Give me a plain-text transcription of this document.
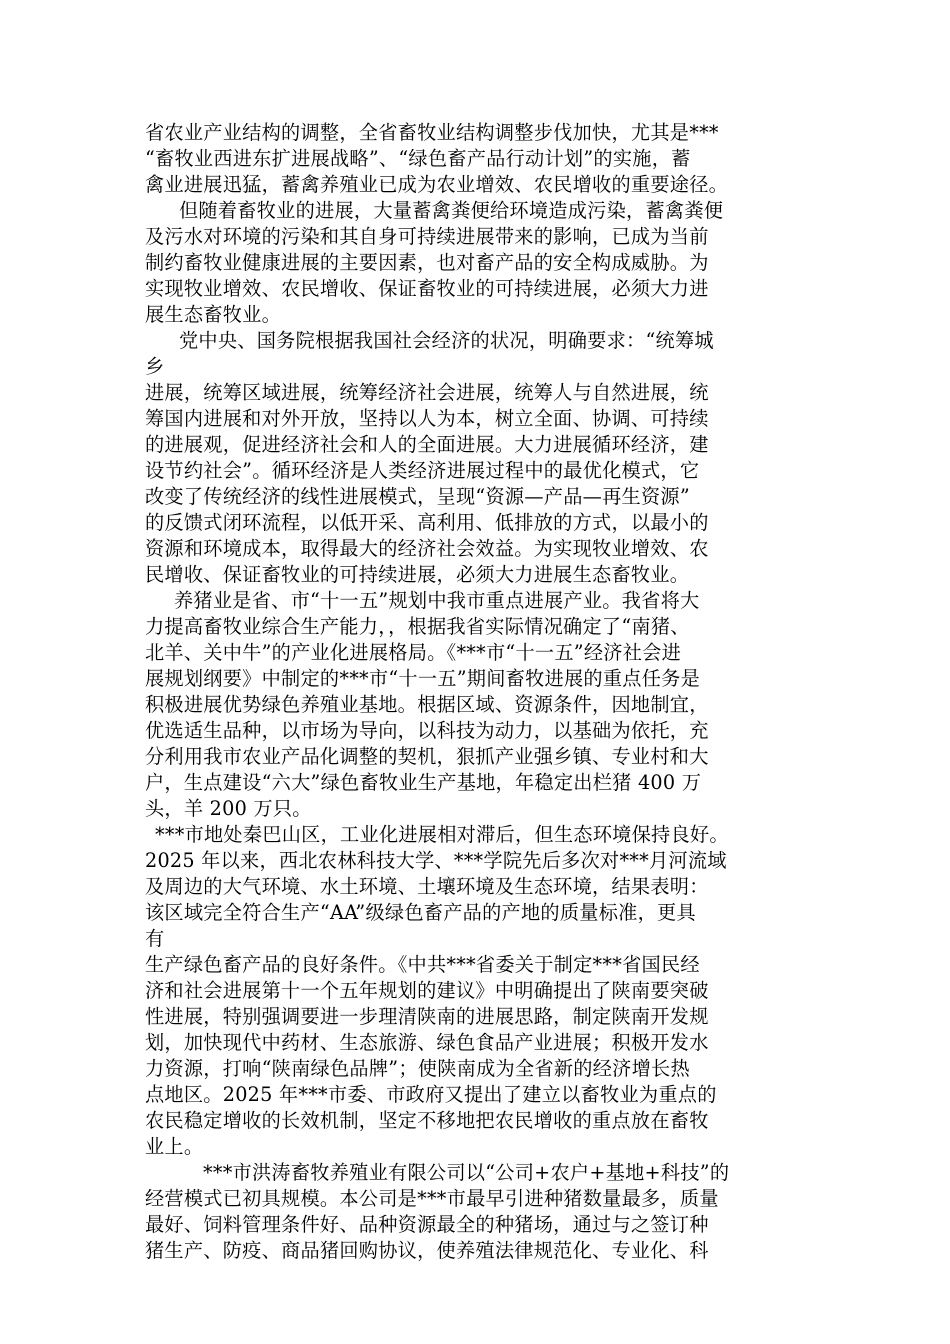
省农业产业结构的调整，全省畜牧业结构调整步伐加快，尤其是***
“畜牧业西进东扩进展战略”、“绿色畜产品行动计划”的实施，蓄
禽业进展迅猛，蓄禽养殖业已成为农业增效、农民增收的重要途径。
但随着畜牧业的进展，大量蓄禽粪便给环境造成污染，蓄禽粪便
及污水对环境的污染和其自身可持续进展带来的影响，已成为当前
制约畜牧业健康进展的主要因素，也对畜产品的安全构成威胁。为
实现牧业增效、农民增收、保证畜牧业的可持续进展，必须大力进
展生态畜牧业。
党中央、国务院根据我国社会经济的状况，明确要求：“统筹城
乡
进展，统筹区域进展，统筹经济社会进展，统筹人与自然进展，统
筹国内进展和对外开放，坚持以人为本，树立全面、协调、可持续
的进展观，促进经济社会和人的全面进展。大力进展循环经济，建
设节约社会”。循环经济是人类经济进展过程中的最优化模式，它
改变了传统经济的线性进展模式，呈现“资源—产品—再生资源”
的反馈式闭环流程，以低开采、高利用、低排放的方式，以最小的
资源和环境成本，取得最大的经济社会效益。为实现牧业增效、农
民增收、保证畜牧业的可持续进展，必须大力进展生态畜牧业。
养猪业是省、市“十一五”规划中我市重点进展产业。我省将大
力提高畜牧业综合生产能力，，根据我省实际情况确定了“南猪、
北羊、关中牛”的产业化进展格局。《***市“十一五”经济社会进
展规划纲要》中制定的***市“十一五”期间畜牧进展的重点任务是
积极进展优势绿色养殖业基地。根据区域、资源条件，因地制宜，
优选适生品种，以市场为导向，以科技为动力，以基础为依托，充
分利用我市农业产品化调整的契机，狠抓产业强乡镇、专业村和大
户，生点建设“六大”绿色畜牧业生产基地，年稳定出栏猪 400 万
头，羊 200 万只。
***市地处秦巴山区，工业化进展相对滞后，但生态环境保持良好。
2025 年以来，西北农林科技大学、***学院先后多次对***月河流域
及周边的大气环境、水土环境、土壤环境及生态环境，结果表明：
该区域完全符合生产“AA”级绿色畜产品的产地的质量标准，更具
有
生产绿色畜产品的良好条件。《中共***省委关于制定***省国民经
济和社会进展第十一个五年规划的建议》中明确提出了陕南要突破
性进展，特别强调要进一步理清陕南的进展思路，制定陕南开发规
划，加快现代中药材、生态旅游、绿色食品产业进展；积极开发水
力资源，打响“陕南绿色品牌”；使陕南成为全省新的经济增长热
点地区。2025 年***市委、市政府又提出了建立以畜牧业为重点的
农民稳定增收的长效机制，坚定不移地把农民增收的重点放在畜牧
业上。
***市洪涛畜牧养殖业有限公司以“公司+农户+基地+科技”的
经营模式已初具规模。本公司是***市最早引进种猪数量最多，质量
最好、饲料管理条件好、品种资源最全的种猪场，通过与之签订种
猪生产、防疫、商品猪回购协议，使养殖法律规范化、专业化、科
